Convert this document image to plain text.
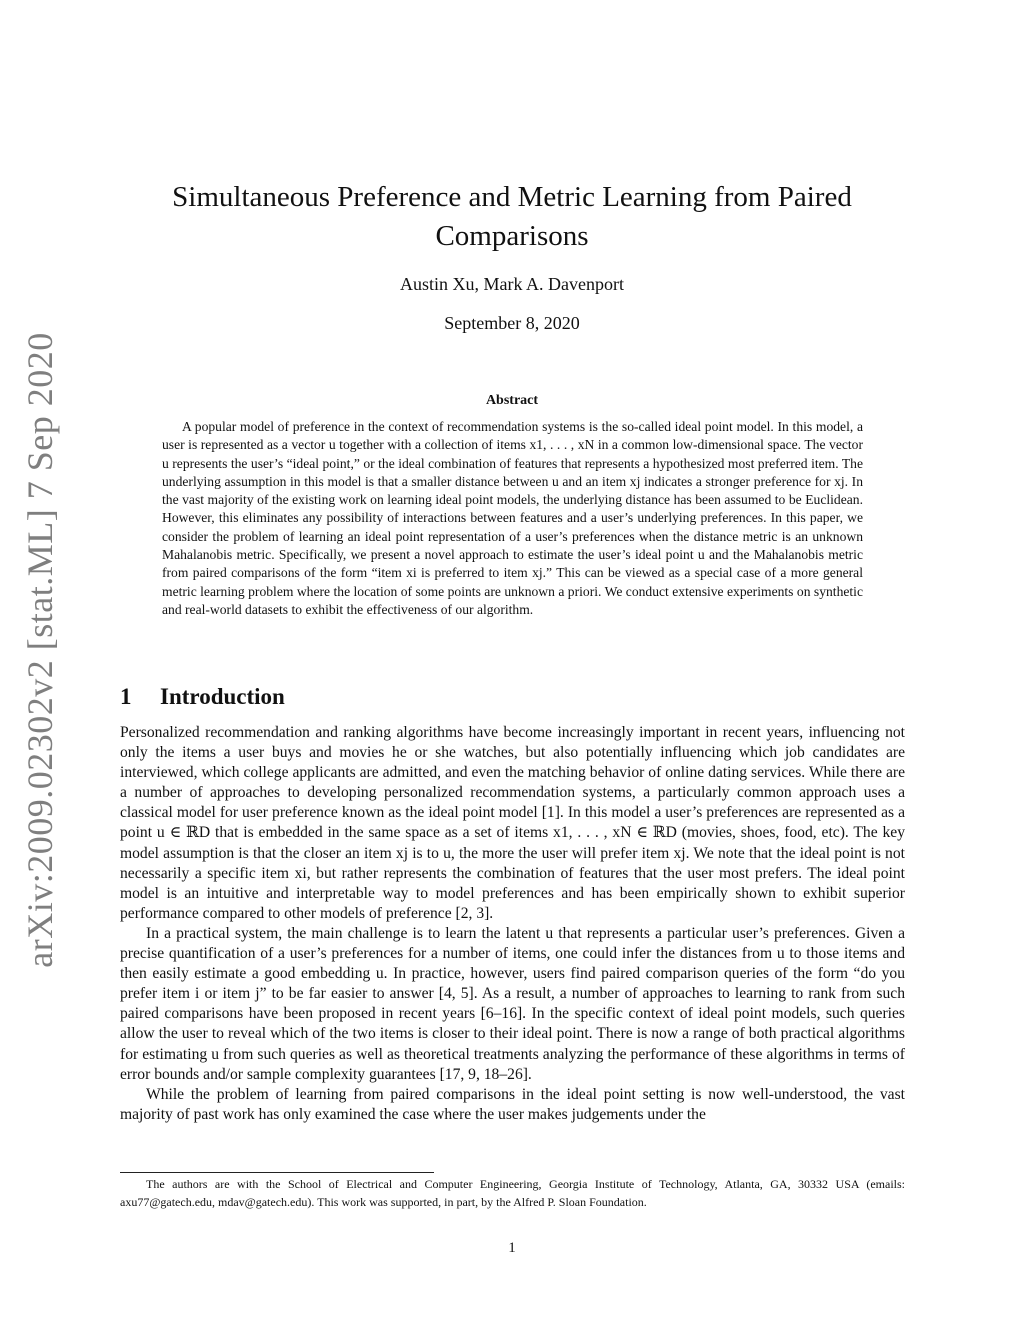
arXiv:2009.02302v2 [stat.ML] 7 Sep 2020
Simultaneous Preference and Metric Learning from Paired Comparisons
Austin Xu, Mark A. Davenport
September 8, 2020
Abstract
A popular model of preference in the context of recommendation systems is the so-called ideal point model. In this model, a user is represented as a vector u together with a collection of items x1, . . . , xN in a common low-dimensional space. The vector u represents the user’s “ideal point,” or the ideal combination of features that represents a hypothesized most preferred item. The underlying assumption in this model is that a smaller distance between u and an item xj indicates a stronger preference for xj. In the vast majority of the existing work on learning ideal point models, the underlying distance has been assumed to be Euclidean. However, this eliminates any possibility of interactions between features and a user’s underlying preferences. In this paper, we consider the problem of learning an ideal point representation of a user’s preferences when the distance metric is an unknown Mahalanobis metric. Specifically, we present a novel approach to estimate the user’s ideal point u and the Mahalanobis metric from paired comparisons of the form “item xi is preferred to item xj.” This can be viewed as a special case of a more general metric learning problem where the location of some points are unknown a priori. We conduct extensive experiments on synthetic and real-world datasets to exhibit the effectiveness of our algorithm.
1 Introduction

Personalized recommendation and ranking algorithms have become increasingly important in recent years, influencing not only the items a user buys and movies he or she watches, but also potentially influencing which job candidates are interviewed, which college applicants are admitted, and even the matching behavior of online dating services. While there are a number of approaches to developing personalized recommendation systems, a particularly common approach uses a classical model for user preference known as the ideal point model [1]. In this model a user’s preferences are represented as a point u ∈ ℝD that is embedded in the same space as a set of items x1, . . . , xN ∈ ℝD (movies, shoes, food, etc). The key model assumption is that the closer an item xj is to u, the more the user will prefer item xj. We note that the ideal point is not necessarily a specific item xi, but rather represents the combination of features that the user most prefers. The ideal point model is an intuitive and interpretable way to model preferences and has been empirically shown to exhibit superior performance compared to other models of preference [2, 3].

In a practical system, the main challenge is to learn the latent u that represents a particular user’s preferences. Given a precise quantification of a user’s preferences for a number of items, one could infer the distances from u to those items and then easily estimate a good embedding u. In practice, however, users find paired comparison queries of the form “do you prefer item i or item j” to be far easier to answer [4, 5]. As a result, a number of approaches to learning to rank from such paired comparisons have been proposed in recent years [6–16]. In the specific context of ideal point models, such queries allow the user to reveal which of the two items is closer to their ideal point. There is now a range of both practical algorithms for estimating u from such queries as well as theoretical treatments analyzing the performance of these algorithms in terms of error bounds and/or sample complexity guarantees [17, 9, 18–26].

While the problem of learning from paired comparisons in the ideal point setting is now well-understood, the vast majority of past work has only examined the case where the user makes judgements under the

The authors are with the School of Electrical and Computer Engineering, Georgia Institute of Technology, Atlanta, GA, 30332 USA (emails: axu77@gatech.edu, mdav@gatech.edu). This work was supported, in part, by the Alfred P. Sloan Foundation.
1
